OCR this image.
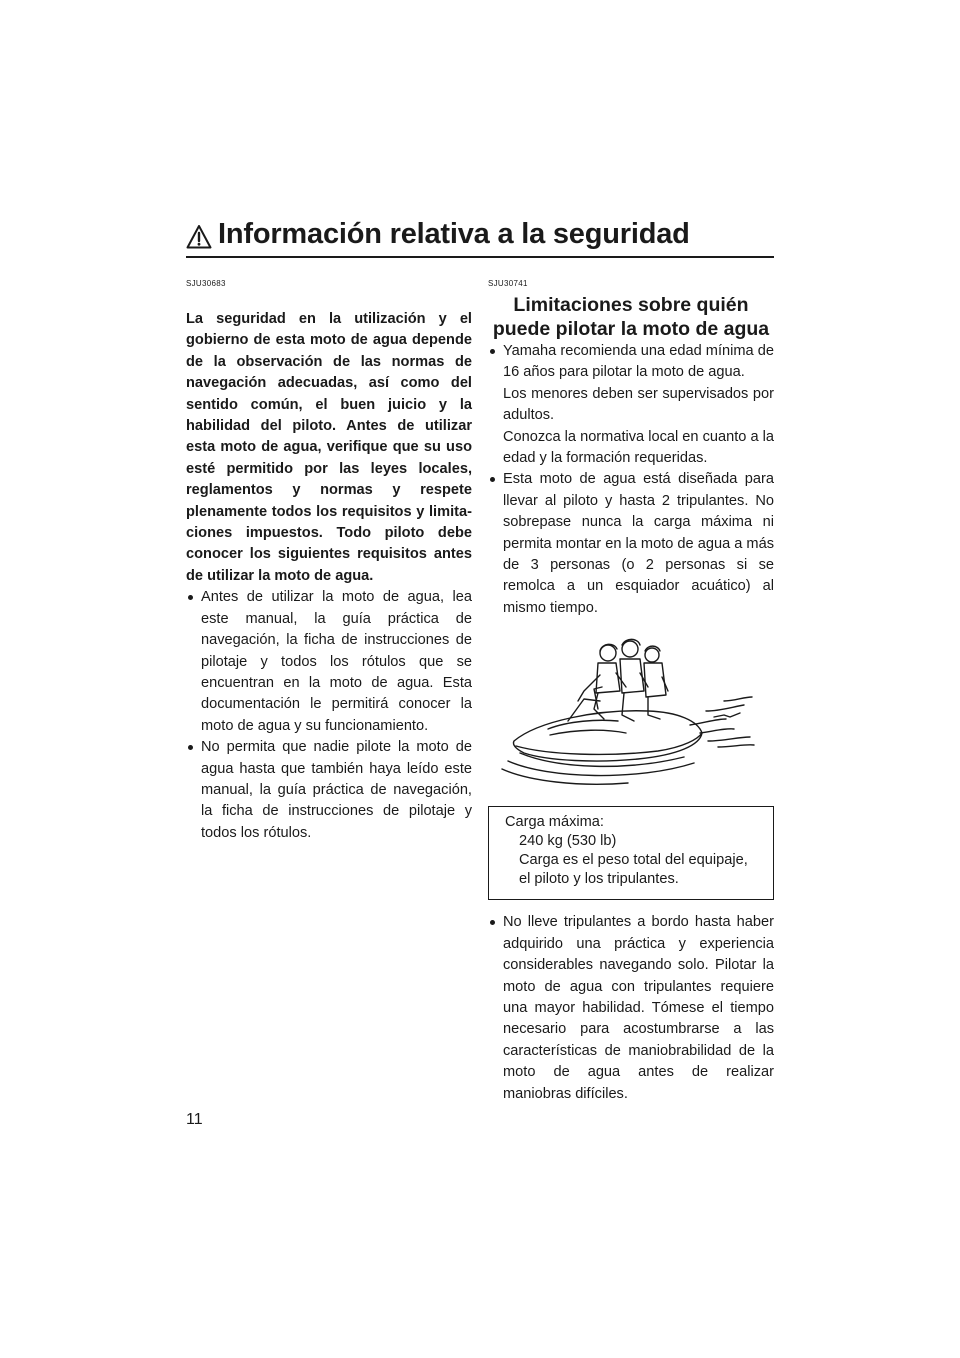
Información relativa a la seguridad
SJU30683
La seguridad en la utilización y el gobierno de esta moto de agua depende de la observación de las normas de navegación adecuadas, así como del sentido común, el buen juicio y la habilidad del piloto. Antes de utilizar esta moto de agua, verifique que su uso esté permitido por las leyes locales, reglamentos y normas y respete plenamente todos los requisitos y limitaciones impuestos. Todo piloto debe conocer los siguientes requisitos antes de utilizar la moto de agua.
Antes de utilizar la moto de agua, lea este manual, la guía práctica de navegación, la ficha de instrucciones de pilotaje y todos los rótulos que se encuentran en la moto de agua. Esta documentación le permitirá conocer la moto de agua y su funcionamiento.
No permita que nadie pilote la moto de agua hasta que también haya leído este manual, la guía práctica de navegación, la ficha de instrucciones de pilotaje y todos los rótulos.
SJU30741
Limitaciones sobre quién puede pilotar la moto de agua

Yamaha recomienda una edad mínima de 16 años para pilotar la moto de agua.

Los menores deben ser supervisados por adultos.

Conozca la normativa local en cuanto a la edad y la formación requeridas.

Esta moto de agua está diseñada para llevar al piloto y hasta 2 tripulantes. No sobrepase nunca la carga máxima ni permita montar en la moto de agua a más de 3 personas (o 2 personas si se remolca a un esquiador acuático) al mismo tiempo.
Carga máxima:
240 kg (530 lb)
Carga es el peso total del equipaje, el piloto y los tripulantes.
No lleve tripulantes a bordo hasta haber adquirido una práctica y experiencia considerables navegando solo. Pilotar la moto de agua con tripulantes requiere una mayor habilidad. Tómese el tiempo necesario para acostumbrarse a las características de maniobrabilidad de la moto de agua antes de realizar maniobras difíciles.
11
